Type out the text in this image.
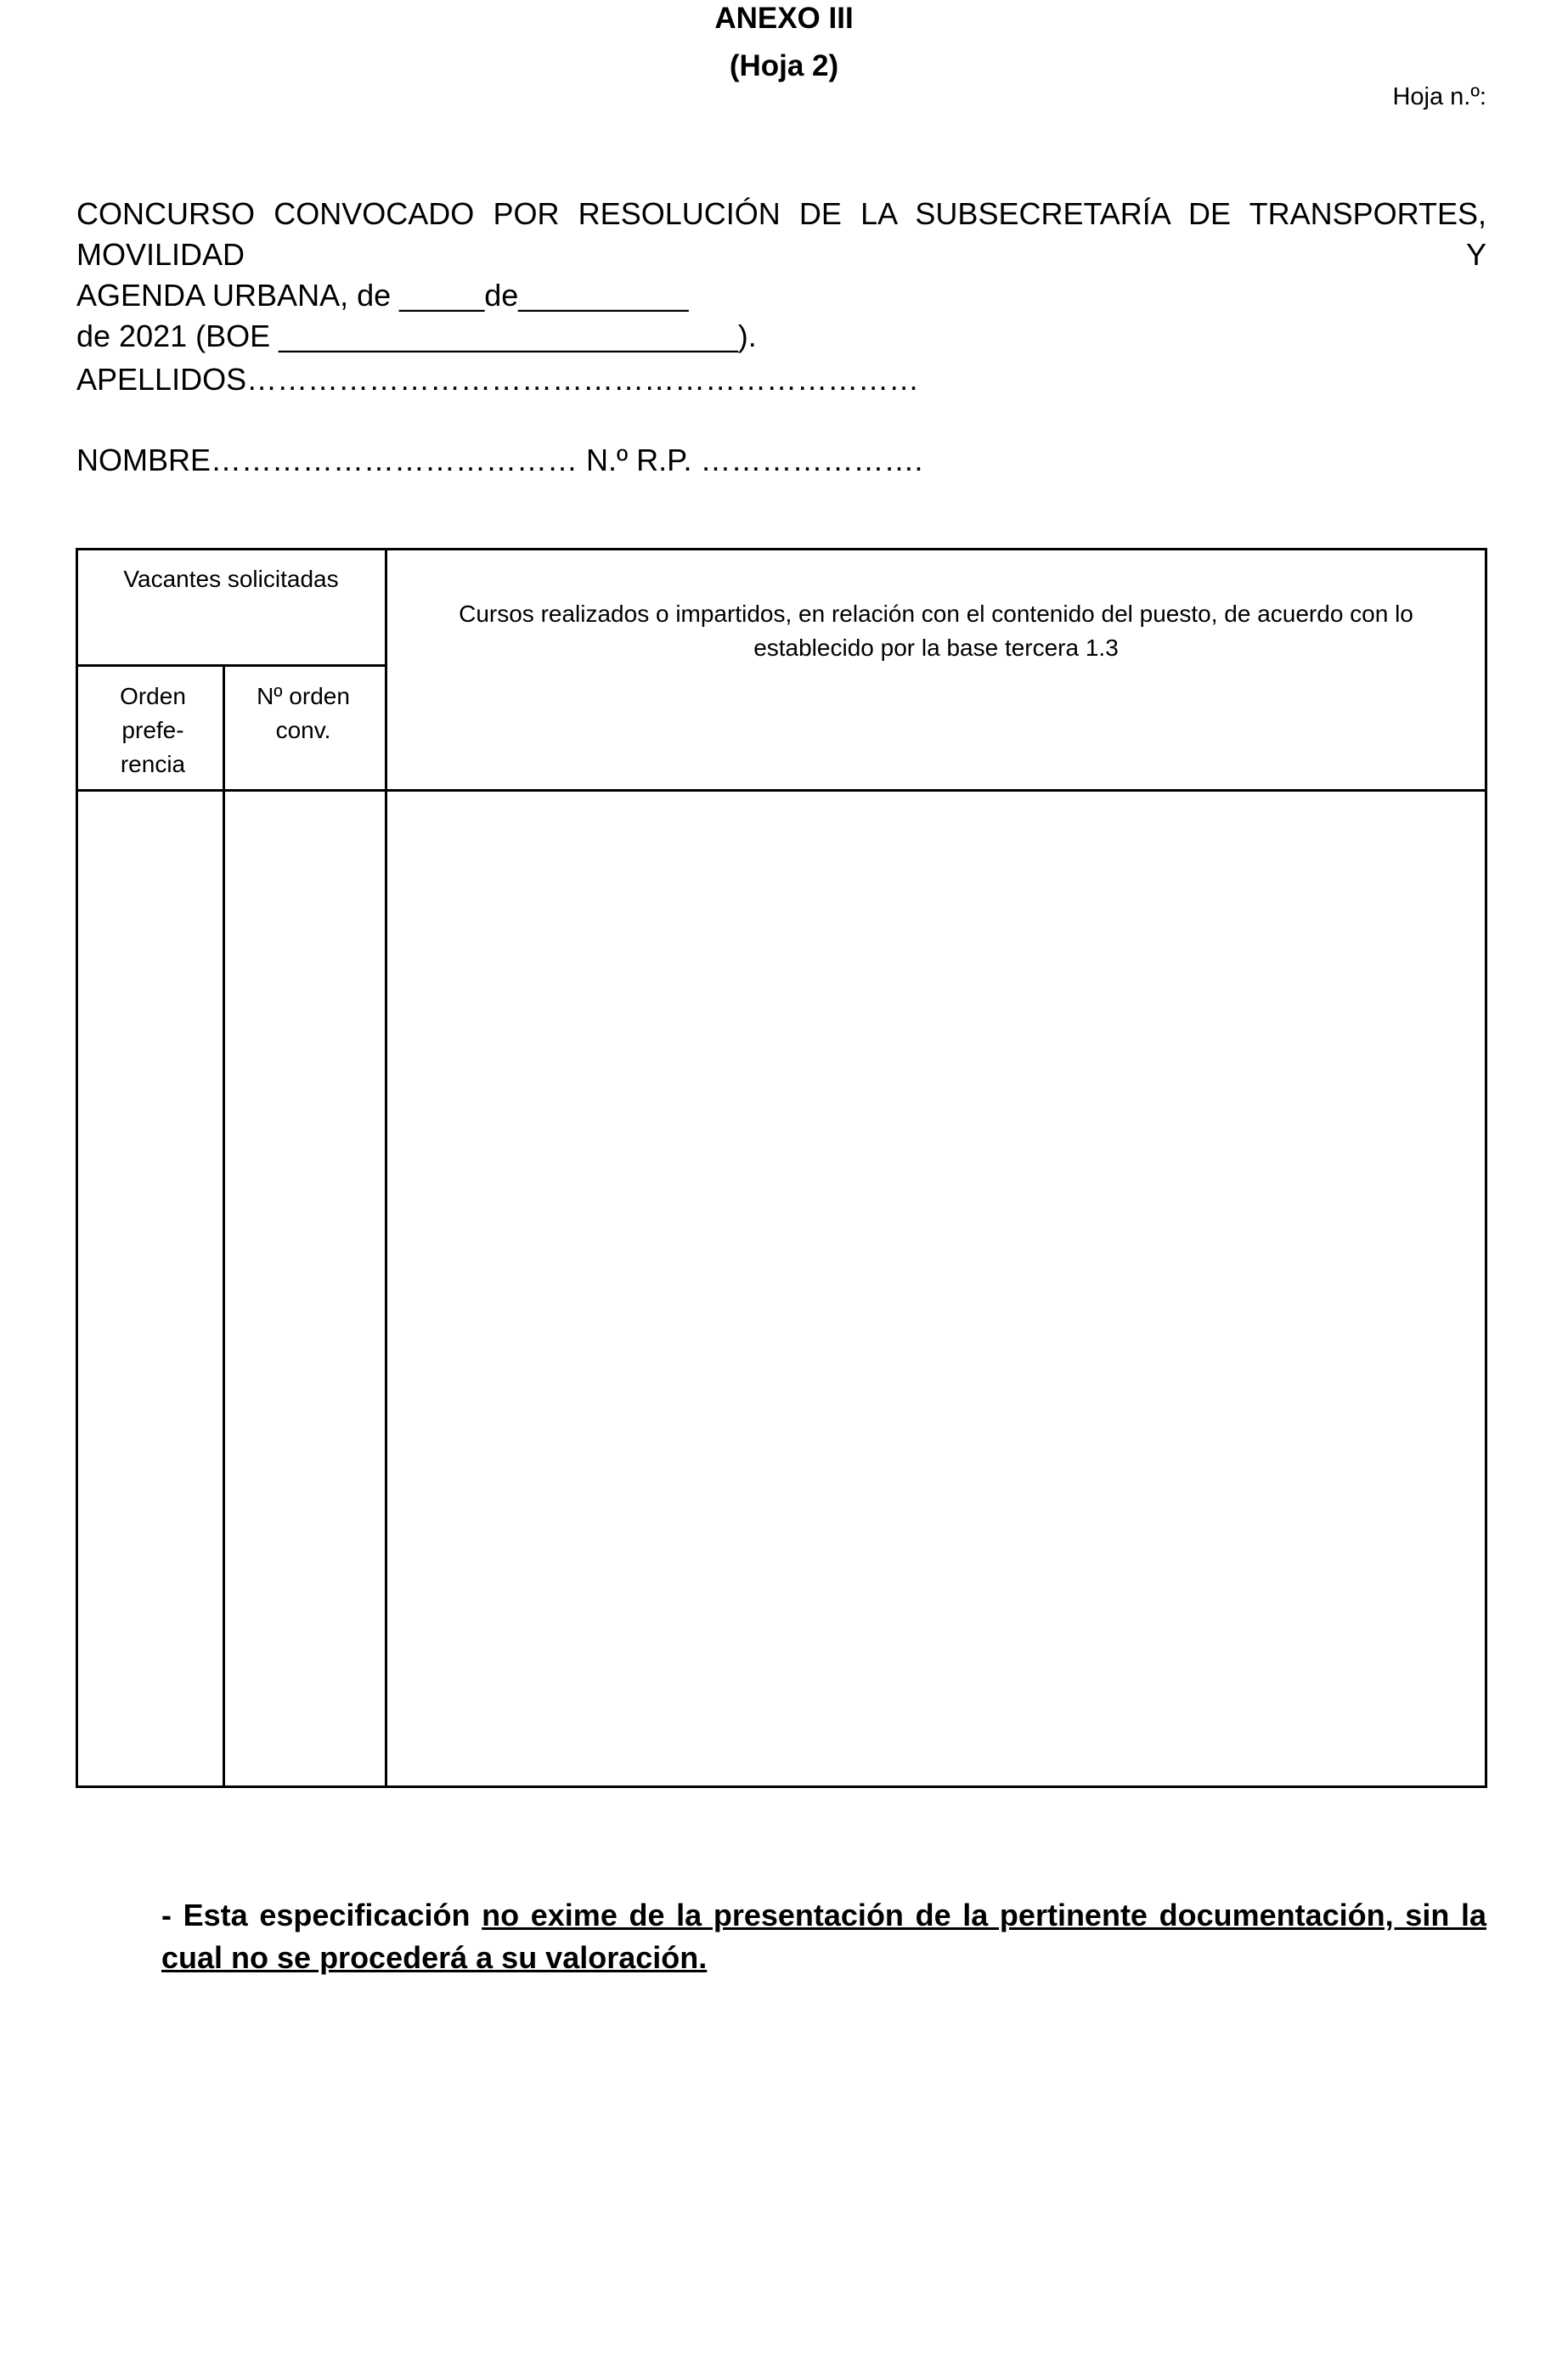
ANEXO III
(Hoja 2)
Hoja n.º:
CONCURSO CONVOCADO POR RESOLUCIÓN DE LA SUBSECRETARÍA DE TRANSPORTES, MOVILIDAD Y
AGENDA URBANA, de _____de__________
de 2021 (BOE ___________________________).
APELLIDOS…………………………………………………………
NOMBRE……………………………… N.º R.P. ………………….
Vacantes solicitadas
Orden prefe-rencia
Nº orden conv.
Cursos realizados o impartidos, en relación con el contenido del puesto, de acuerdo con lo establecido por la base tercera 1.3
- Esta especificación no exime de la presentación de la pertinente documentación, sin la cual no se procederá a su valoración.
